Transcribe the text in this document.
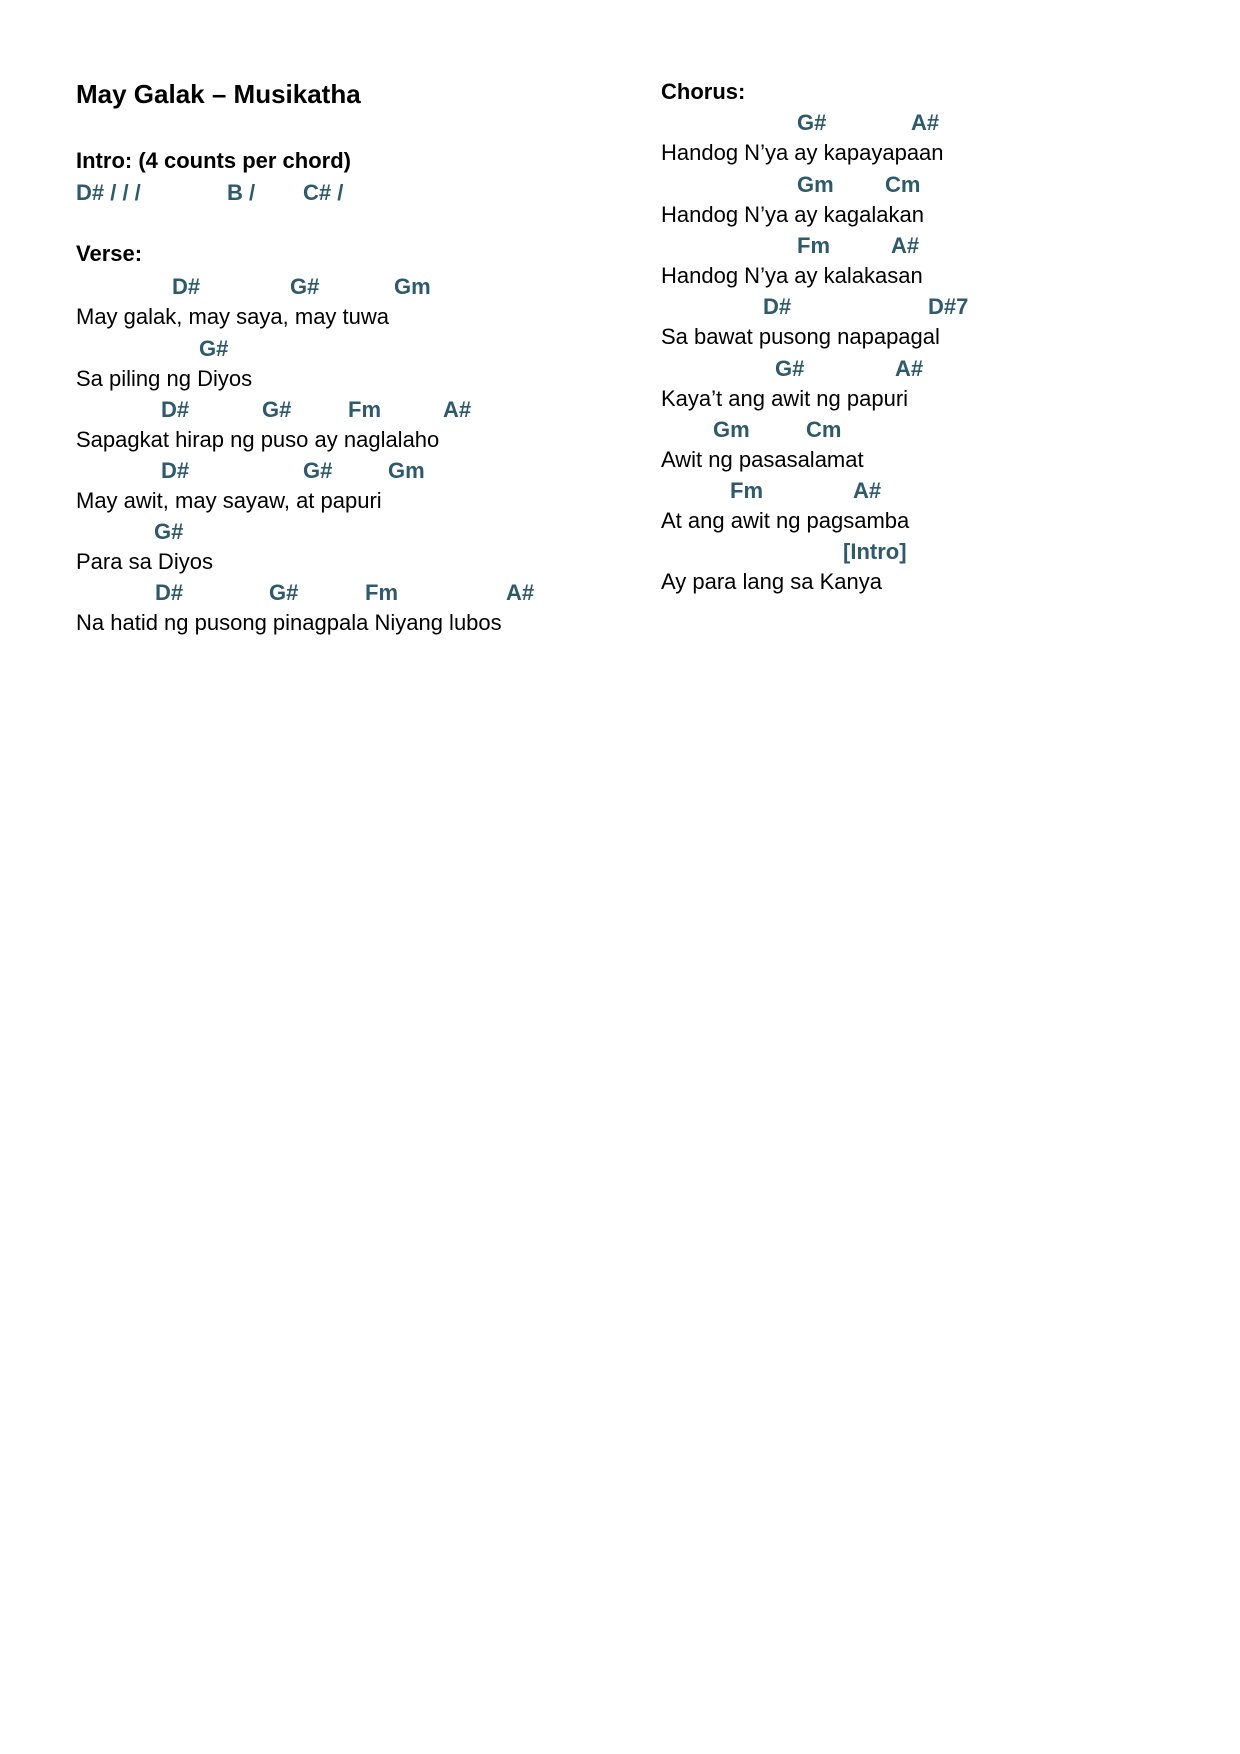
May Galak – Musikatha
Intro: (4 counts per chord)
D# / / /	B / C# /
Verse:
D#	G#	Gm
May galak, may saya, may tuwa
G#
Sa piling ng Diyos
D#	G#	Fm	A#
Sapagkat hirap ng puso ay naglalaho
D#	G#	Gm
May awit, may sayaw, at papuri
G#
Para sa Diyos
D#	G#	Fm	A#
Na hatid ng pusong pinagpala Niyang lubos
Chorus:
G#	A#
Handog N’ya ay kapayapaan
Gm Cm
Handog N’ya ay kagalakan
Fm	A#
Handog N’ya ay kalakasan
D#	D#7
Sa bawat pusong napapagal
G#	A#
Kaya’t ang awit ng papuri
Gm	Cm
Awit ng pasasalamat
Fm	A#
At ang awit ng pagsamba
[Intro]
Ay para lang sa Kanya
